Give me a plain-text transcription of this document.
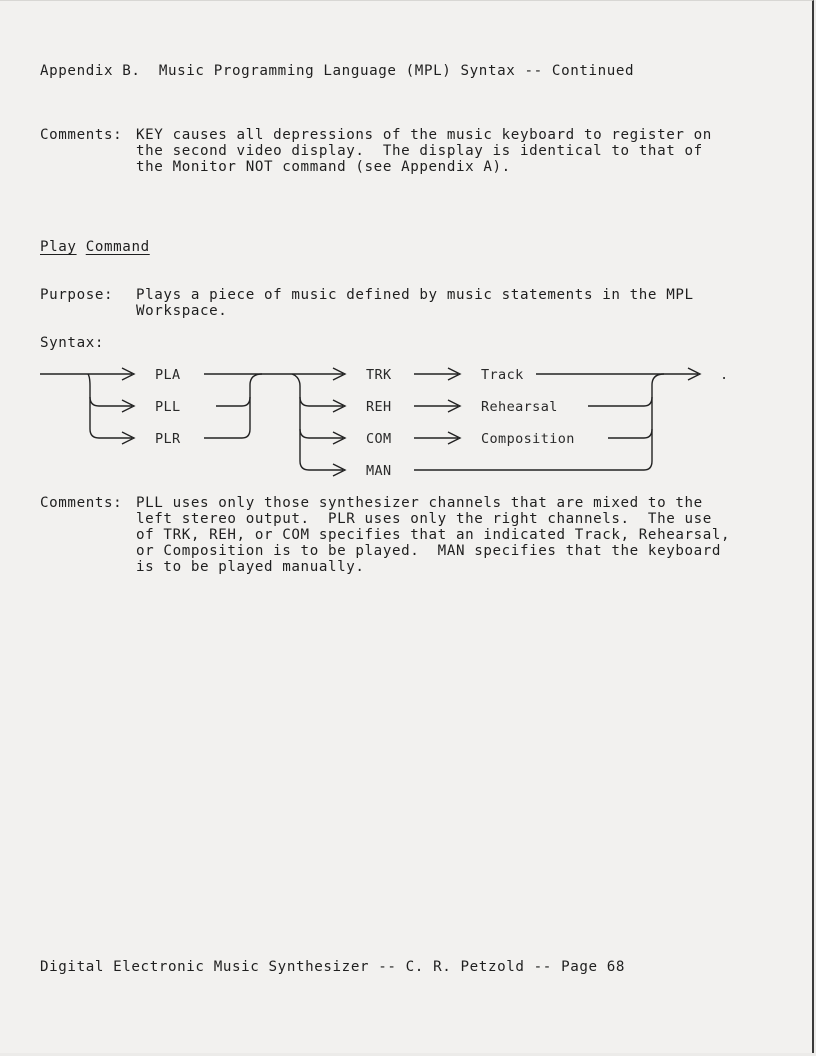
Appendix B.  Music Programming Language (MPL) Syntax -- Continued
Comments: KEY causes all depressions of the music keyboard to register on
the second video display.  The display is identical to that of
the Monitor NOT command (see Appendix A).
Play Command
Purpose: Plays a piece of music defined by music statements in the MPL
Workspace.
Syntax:
PLA
PLL
PLR
TRK
REH
COM
MAN
Track
Rehearsal
Composition
.
Comments: PLL uses only those synthesizer channels that are mixed to the
left stereo output.  PLR uses only the right channels.  The use
of TRK, REH, or COM specifies that an indicated Track, Rehearsal,
or Composition is to be played.  MAN specifies that the keyboard
is to be played manually.
Digital Electronic Music Synthesizer -- C. R. Petzold -- Page 68
